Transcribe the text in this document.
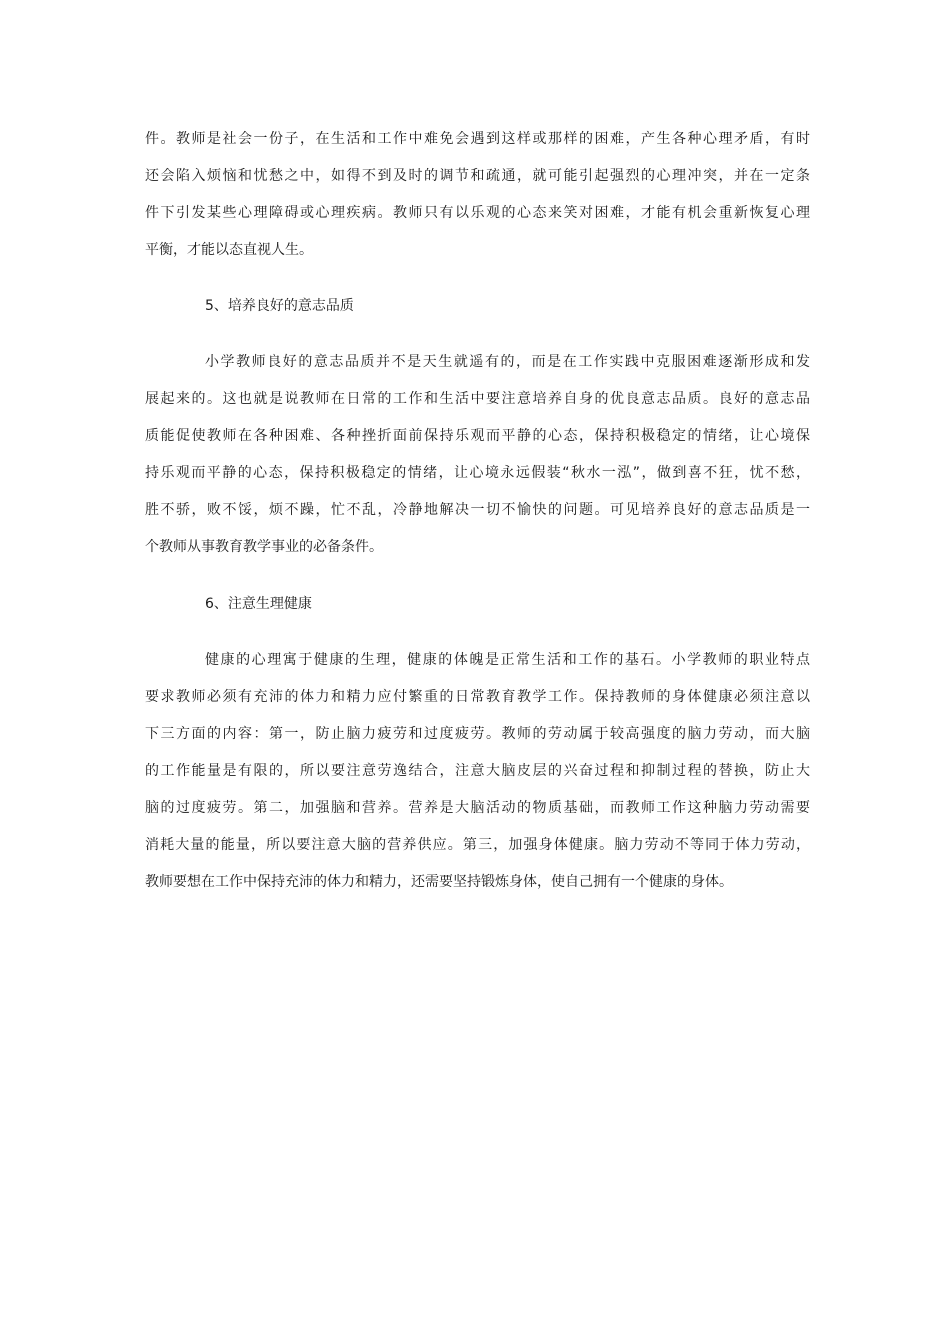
件。教师是社会一份子，在生活和工作中难免会遇到这样或那样的困难，产生各种心理矛盾，有时
还会陷入烦恼和忧愁之中，如得不到及时的调节和疏通，就可能引起强烈的心理冲突，并在一定条
件下引发某些心理障碍或心理疾病。教师只有以乐观的心态来笑对困难，才能有机会重新恢复心理
平衡，才能以态直视人生。
5、培养良好的意志品质
小学教师良好的意志品质并不是天生就遥有的，而是在工作实践中克服困难逐渐形成和发
展起来的。这也就是说教师在日常的工作和生活中要注意培养自身的优良意志品质。良好的意志品
质能促使教师在各种困难、各种挫折面前保持乐观而平静的心态，保持积极稳定的情绪，让心境保
持乐观而平静的心态，保持积极稳定的情绪，让心境永远假装“秋水一泓”，做到喜不狂，忧不愁，
胜不骄，败不馁，烦不躁，忙不乱，冷静地解决一切不愉快的问题。可见培养良好的意志品质是一
个教师从事教育教学事业的必备条件。
6、注意生理健康
健康的心理寓于健康的生理，健康的体魄是正常生活和工作的基石。小学教师的职业特点
要求教师必须有充沛的体力和精力应付繁重的日常教育教学工作。保持教师的身体健康必须注意以
下三方面的内容：第一，防止脑力疲劳和过度疲劳。教师的劳动属于较高强度的脑力劳动，而大脑
的工作能量是有限的，所以要注意劳逸结合，注意大脑皮层的兴奋过程和抑制过程的替换，防止大
脑的过度疲劳。第二，加强脑和营养。营养是大脑活动的物质基础，而教师工作这种脑力劳动需要
消耗大量的能量，所以要注意大脑的营养供应。第三，加强身体健康。脑力劳动不等同于体力劳动，
教师要想在工作中保持充沛的体力和精力，还需要坚持锻炼身体，使自己拥有一个健康的身体。
